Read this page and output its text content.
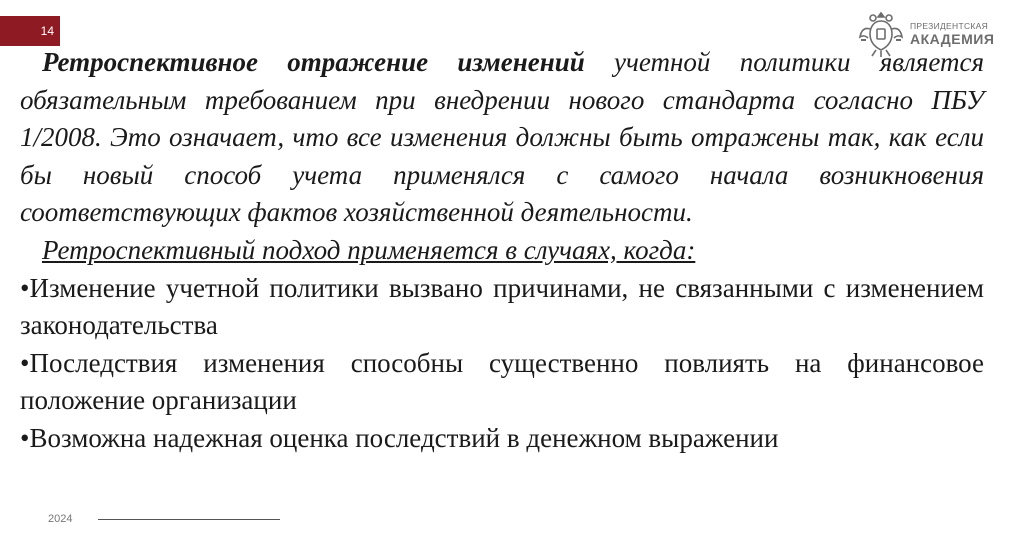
14	ПРЕЗИДЕНТСКАЯ
АКАДЕМИЯ

Ретроспективное отражение изменений учетной политики является обязательным требованием при внедрении нового стандарта согласно ПБУ 1/2008. Это означает, что все изменения должны быть отражены так, как если бы новый способ учета применялся с самого начала возникновения соответствующих фактов хозяйственной деятельности.

Ретроспективный подход применяется в случаях, когда:

•Изменение учетной политики вызвано причинами, не связанными с изменением законодательства
•Последствия изменения способны существенно повлиять на финансовое положение организации
•Возможна надежная оценка последствий в денежном выражении
2024
